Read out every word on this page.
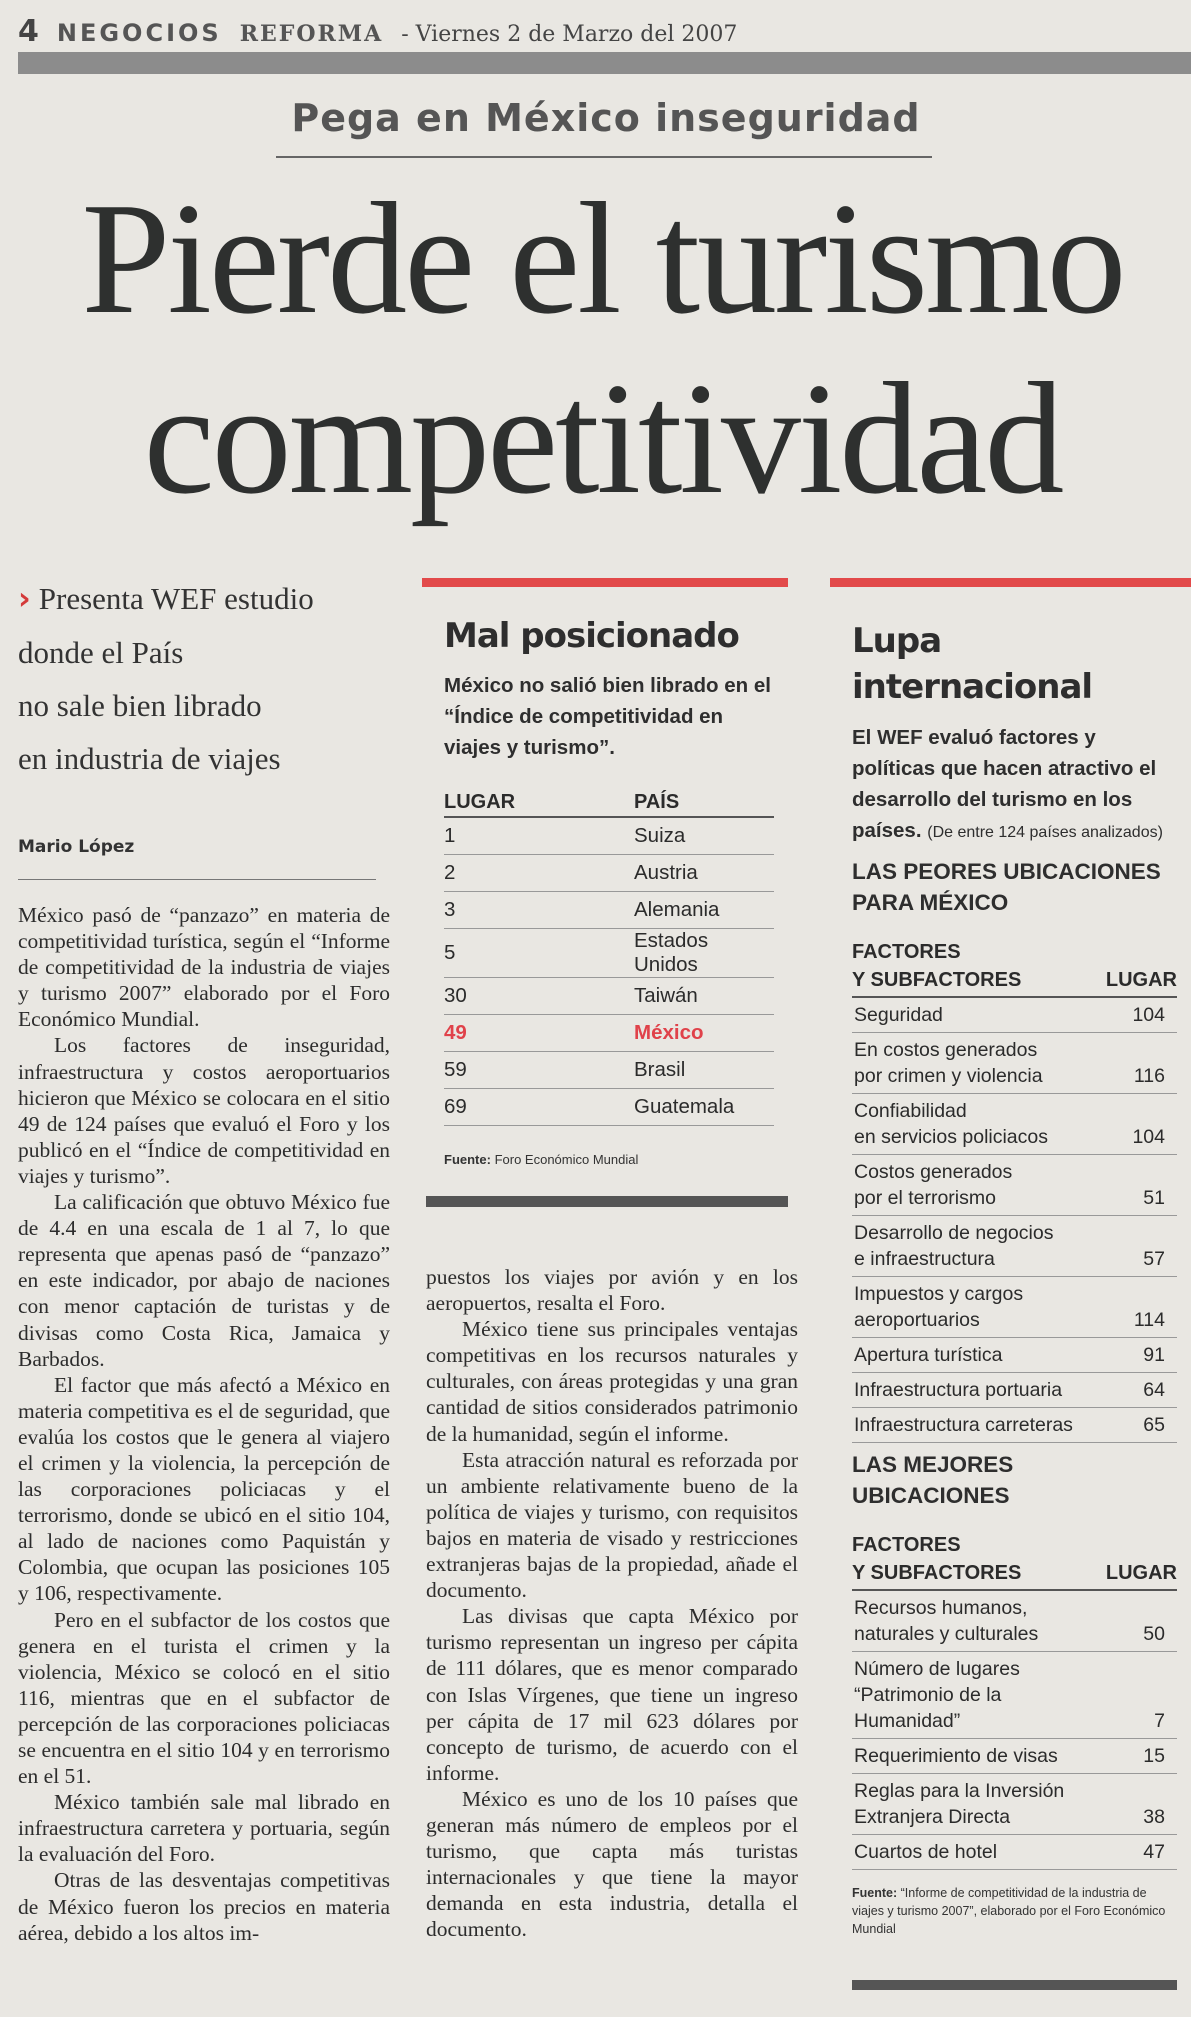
4 NEGOCIOS REFORMA - Viernes 2 de Marzo del 2007
Pega en México inseguridad
Pierde el turismo
competitividad
› Presenta WEF estudio
donde el País
no sale bien librado
en industria de viajes
Mario López

México pasó de “panzazo” en materia de competitividad turística, según el “Informe de competitividad de la industria de viajes y turismo 2007” elaborado por el Foro Económico Mundial.

Los factores de inseguridad, infraestructura y costos aeroportuarios hicieron que México se colocara en el sitio 49 de 124 países que evaluó el Foro y los publicó en el “Índice de competitividad en viajes y turismo”.

La calificación que obtuvo México fue de 4.4 en una escala de 1 al 7, lo que representa que apenas pasó de “panzazo” en este indicador, por abajo de naciones con menor captación de turistas y de divisas como Costa Rica, Jamaica y Barbados.

El factor que más afectó a México en materia competitiva es el de seguridad, que evalúa los costos que le genera al viajero el crimen y la violencia, la percepción de las corporaciones policiacas y el terrorismo, donde se ubicó en el sitio 104, al lado de naciones como Paquistán y Colombia, que ocupan las posiciones 105 y 106, respectivamente.

Pero en el subfactor de los costos que genera en el turista el crimen y la violencia, México se colocó en el sitio 116, mientras que en el subfactor de percepción de las corporaciones policiacas se encuentra en el sitio 104 y en terrorismo en el 51.

México también sale mal librado en infraestructura carretera y portuaria, según la evaluación del Foro.

Otras de las desventajas competitivas de México fueron los precios en materia aérea, debido a los altos im-

Mal posicionado
México no salió bien librado en el “Índice de competitividad en viajes y turismo”.
LUGAR	PAÍS
1	Suiza
2	Austria
3	Alemania
5	Estados Unidos
30	Taiwán
49	México
59	Brasil
69	Guatemala
Fuente: Foro Económico Mundial

puestos los viajes por avión y en los aeropuertos, resalta el Foro.

México tiene sus principales ventajas competitivas en los recursos naturales y culturales, con áreas protegidas y una gran cantidad de sitios considerados patrimonio de la humanidad, según el informe.

Esta atracción natural es reforzada por un ambiente relativamente bueno de la política de viajes y turismo, con requisitos bajos en materia de visado y restricciones extranjeras bajas de la propiedad, añade el documento.

Las divisas que capta México por turismo representan un ingreso per cápita de 111 dólares, que es menor comparado con Islas Vírgenes, que tiene un ingreso per cápita de 17 mil 623 dólares por concepto de turismo, de acuerdo con el informe.

México es uno de los 10 países que generan más número de empleos por el turismo, que capta más turistas internacionales y que tiene la mayor demanda en esta industria, detalla el documento.

Lupa
internacional
El WEF evaluó factores y políticas que hacen atractivo el desarrollo del turismo en los países. (De entre 124 países analizados)
LAS PEORES UBICACIONES
PARA MÉXICO
FACTORES
Y SUBFACTORES	LUGAR

Seguridad	104

En costos generados
por crimen y violencia	116

Confiabilidad
en servicios policiacos	104

Costos generados
por el terrorismo	51

Desarrollo de negocios
e infraestructura	57

Impuestos y cargos
aeroportuarios	114

Apertura turística	91

Infraestructura portuaria	64

Infraestructura carreteras	65
LAS MEJORES
UBICACIONES
FACTORES
Y SUBFACTORES	LUGAR

Recursos humanos,
naturales y culturales	50

Número de lugares
“Patrimonio de la Humanidad”	7

Requerimiento de visas	15

Reglas para la Inversión
Extranjera Directa	38

Cuartos de hotel	47
Fuente: “Informe de competitividad de la industria de viajes y turismo 2007”, elaborado por el Foro Económico Mundial
